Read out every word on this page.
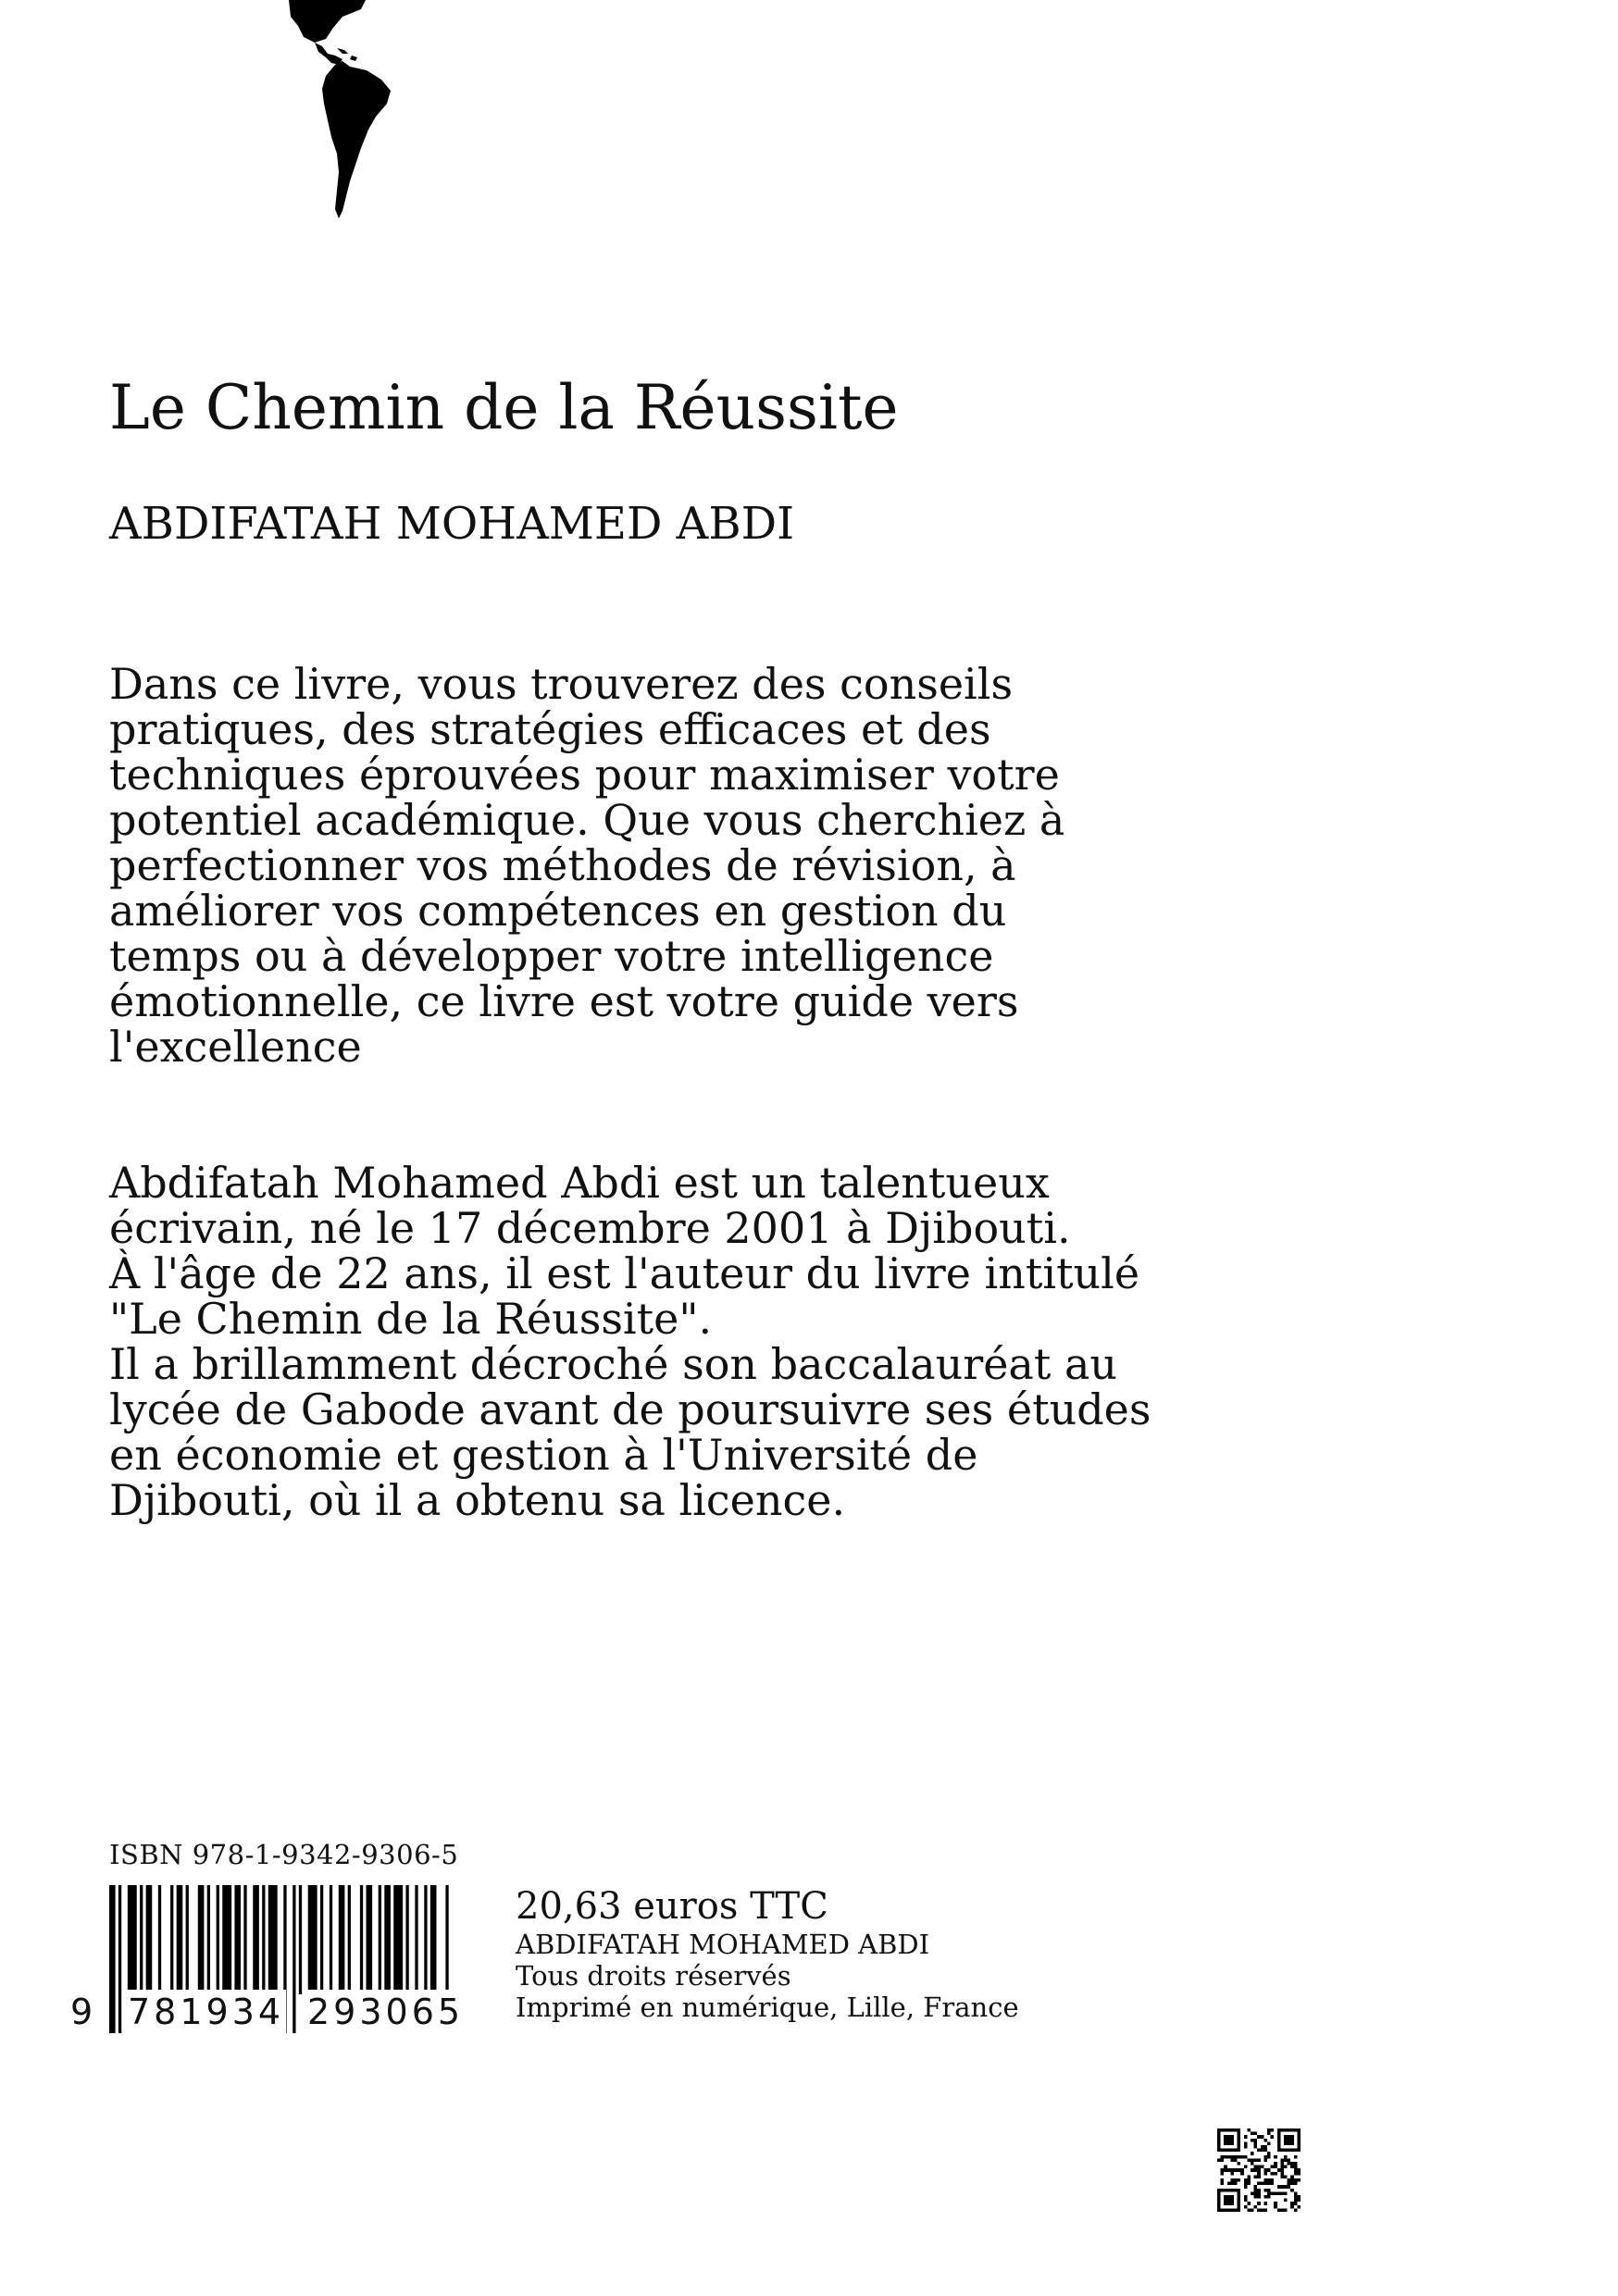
Le Chemin de la Réussite

ABDIFATAH MOHAMED ABDI

Dans ce livre, vous trouverez des conseils
pratiques, des stratégies efficaces et des
techniques éprouvées pour maximiser votre
potentiel académique. Que vous cherchiez à
perfectionner vos méthodes de révision, à
améliorer vos compétences en gestion du
temps ou à développer votre intelligence
émotionnelle, ce livre est votre guide vers
l'excellence

Abdifatah Mohamed Abdi est un talentueux
écrivain, né le 17 décembre 2001 à Djibouti.
À l'âge de 22 ans, il est l'auteur du livre intitulé
"Le Chemin de la Réussite".
Il a brillamment décroché son baccalauréat au
lycée de Gabode avant de poursuivre ses études
en économie et gestion à l'Université de
Djibouti, où il a obtenu sa licence.

ISBN 978-1-9342-9306-5

9 781934 293065

20,63 euros TTC
ABDIFATAH MOHAMED ABDI
Tous droits réservés
Imprimé en numérique, Lille, France
